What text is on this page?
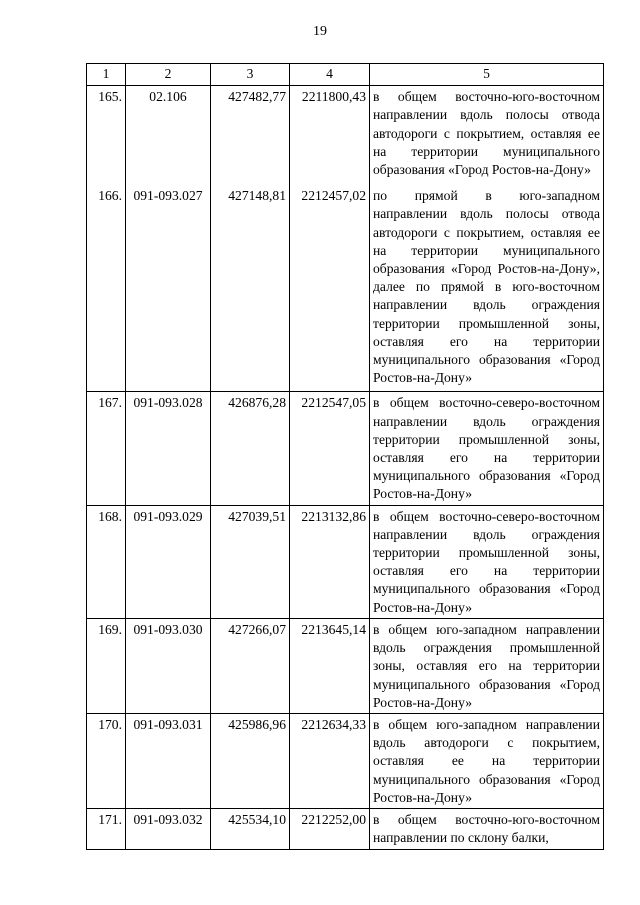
19
1	2	3	4	5
165.	02.106	427482,77	2211800,43	в общем восточно-юго-восточном направлении вдоль полосы отвода автодороги с покрытием, оставляя ее на территории муниципального образования «Город Ростов-на-Дону»
166.	091-093.027	427148,81	2212457,02	по прямой в юго-западном направлении вдоль полосы отвода автодороги с покрытием, оставляя ее на территории муниципального образования «Город Ростов-на-Дону», далее по прямой в юго-восточном направлении вдоль ограждения территории промышленной зоны, оставляя его на территории муниципального образования «Город Ростов-на-Дону»
167.	091-093.028	426876,28	2212547,05	в общем восточно-северо-восточном направлении вдоль ограждения территории промышленной зоны, оставляя его на территории муниципального образования «Город Ростов-на-Дону»
168.	091-093.029	427039,51	2213132,86	в общем восточно-северо-восточном направлении вдоль ограждения территории промышленной зоны, оставляя его на территории муниципального образования «Город Ростов-на-Дону»
169.	091-093.030	427266,07	2213645,14	в общем юго-западном направлении вдоль ограждения промышленной зоны, оставляя его на территории муниципального образования «Город Ростов-на-Дону»
170.	091-093.031	425986,96	2212634,33	в общем юго-западном направлении вдоль автодороги с покрытием, оставляя ее на территории муниципального образования «Город Ростов-на-Дону»
171.	091-093.032	425534,10	2212252,00	в общем восточно-юго-восточном направлении по склону балки,
